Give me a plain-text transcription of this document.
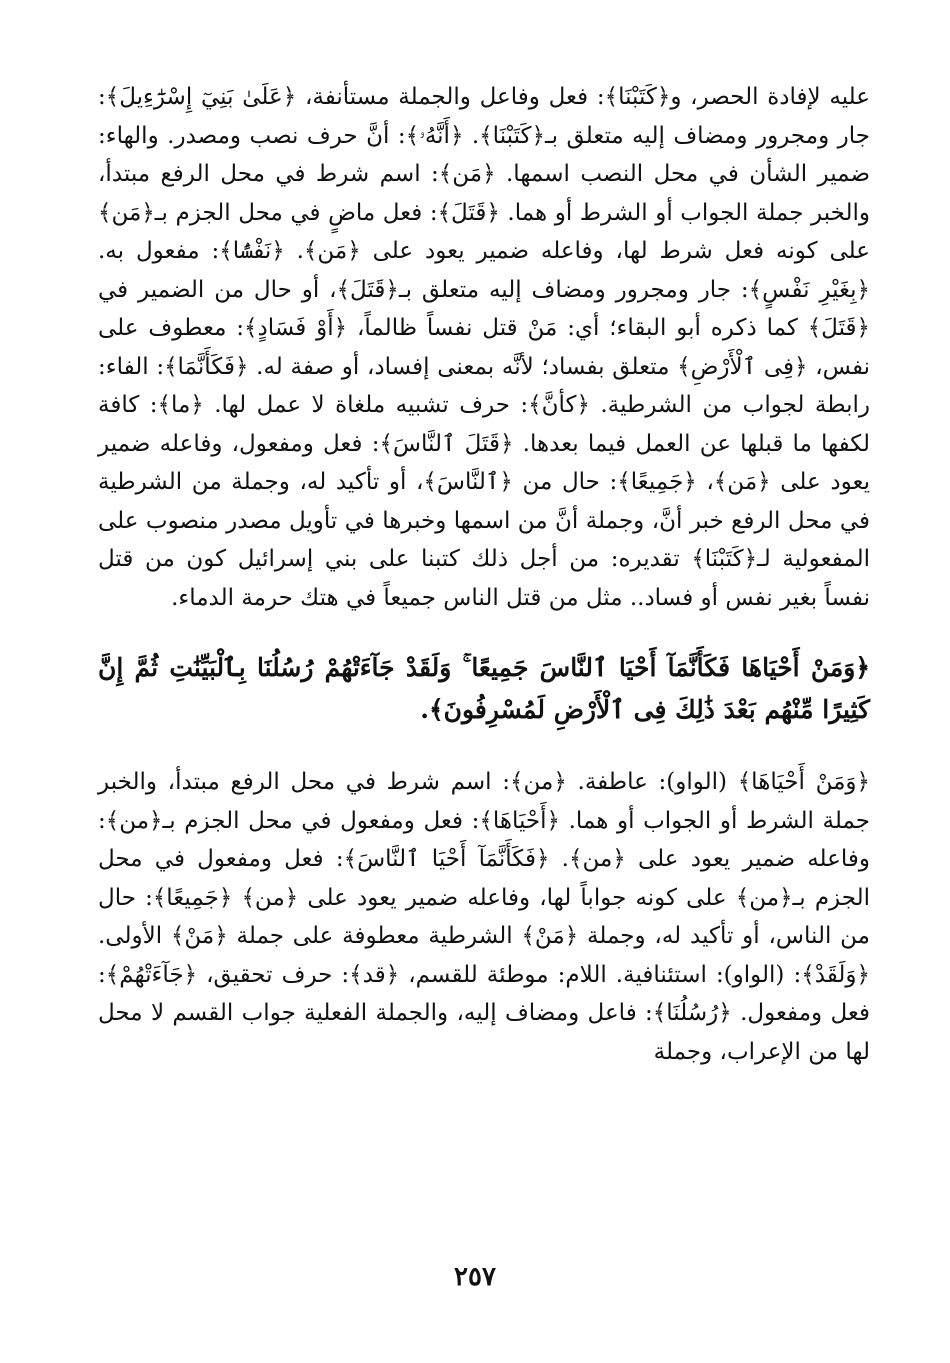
عليه لإفادة الحصر، و﴿كَتَبْنَا﴾: فعل وفاعل والجملة مستأنفة، ﴿عَلَىٰ بَنِيٓ إِسْرَٰٓءِيلَ﴾: جار ومجرور ومضاف إليه متعلق بـ﴿كَتَبْنَا﴾. ﴿أَنَّهُۥ﴾: أنَّ حرف نصب ومصدر. والهاء: ضمير الشأن في محل النصب اسمها. ﴿مَن﴾: اسم شرط في محل الرفع مبتدأ، والخبر جملة الجواب أو الشرط أو هما. ﴿قَتَلَ﴾: فعل ماضٍ في محل الجزم بـ﴿مَن﴾ على كونه فعل شرط لها، وفاعله ضمير يعود على ﴿مَن﴾. ﴿نَفْسًۢا﴾: مفعول به. ﴿بِغَيْرِ نَفْسٍ﴾: جار ومجرور ومضاف إليه متعلق بـ﴿قَتَلَ﴾، أو حال من الضمير في ﴿قَتَلَ﴾ كما ذكره أبو البقاء؛ أي: مَنْ قتل نفساً ظالماً، ﴿أَوْ فَسَادٍ﴾: معطوف على نفس، ﴿فِى ٱلْأَرْضِ﴾ متعلق بفساد؛ لأنَّه بمعنى إفساد، أو صفة له. ﴿فَكَأَنَّمَا﴾: الفاء: رابطة لجواب من الشرطية. ﴿كأنَّ﴾: حرف تشبيه ملغاة لا عمل لها. ﴿ما﴾: كافة لكفها ما قبلها عن العمل فيما بعدها. ﴿قَتَلَ ٱلنَّاسَ﴾: فعل ومفعول، وفاعله ضمير يعود على ﴿مَن﴾، ﴿جَمِيعًا﴾: حال من ﴿ٱلنَّاسَ﴾، أو تأكيد له، وجملة من الشرطية في محل الرفع خبر أنَّ، وجملة أنَّ من اسمها وخبرها في تأويل مصدر منصوب على المفعولية لـ﴿كَتَبْنَا﴾ تقديره: من أجل ذلك كتبنا على بني إسرائيل كون من قتل نفساً بغير نفس أو فساد.. مثل من قتل الناس جميعاً في هتك حرمة الدماء.

﴿وَمَنْ أَحْيَاهَا فَكَأَنَّمَآ أَحْيَا ٱلنَّاسَ جَمِيعًا ۚ وَلَقَدْ جَآءَتْهُمْ رُسُلُنَا بِٱلْبَيِّنَٰتِ ثُمَّ إِنَّ كَثِيرًا مِّنْهُم بَعْدَ ذَٰلِكَ فِى ٱلْأَرْضِ لَمُسْرِفُونَ﴾.

﴿وَمَنْ أَحْيَاهَا﴾ (الواو): عاطفة. ﴿من﴾: اسم شرط في محل الرفع مبتدأ، والخبر جملة الشرط أو الجواب أو هما. ﴿أَحْيَاهَا﴾: فعل ومفعول في محل الجزم بـ﴿من﴾: وفاعله ضمير يعود على ﴿من﴾. ﴿فَكَأَنَّمَآ أَحْيَا ٱلنَّاسَ﴾: فعل ومفعول في محل الجزم بـ﴿من﴾ على كونه جواباً لها، وفاعله ضمير يعود على ﴿من﴾ ﴿جَمِيعًا﴾: حال من الناس، أو تأكيد له، وجملة ﴿مَنْ﴾ الشرطية معطوفة على جملة ﴿مَنْ﴾ الأولى. ﴿وَلَقَدْ﴾: (الواو): استئنافية. اللام: موطئة للقسم، ﴿قد﴾: حرف تحقيق، ﴿جَآءَتْهُمْ﴾: فعل ومفعول. ﴿رُسُلُنَا﴾: فاعل ومضاف إليه، والجملة الفعلية جواب القسم لا محل لها من الإعراب، وجملة

٢٥٧
